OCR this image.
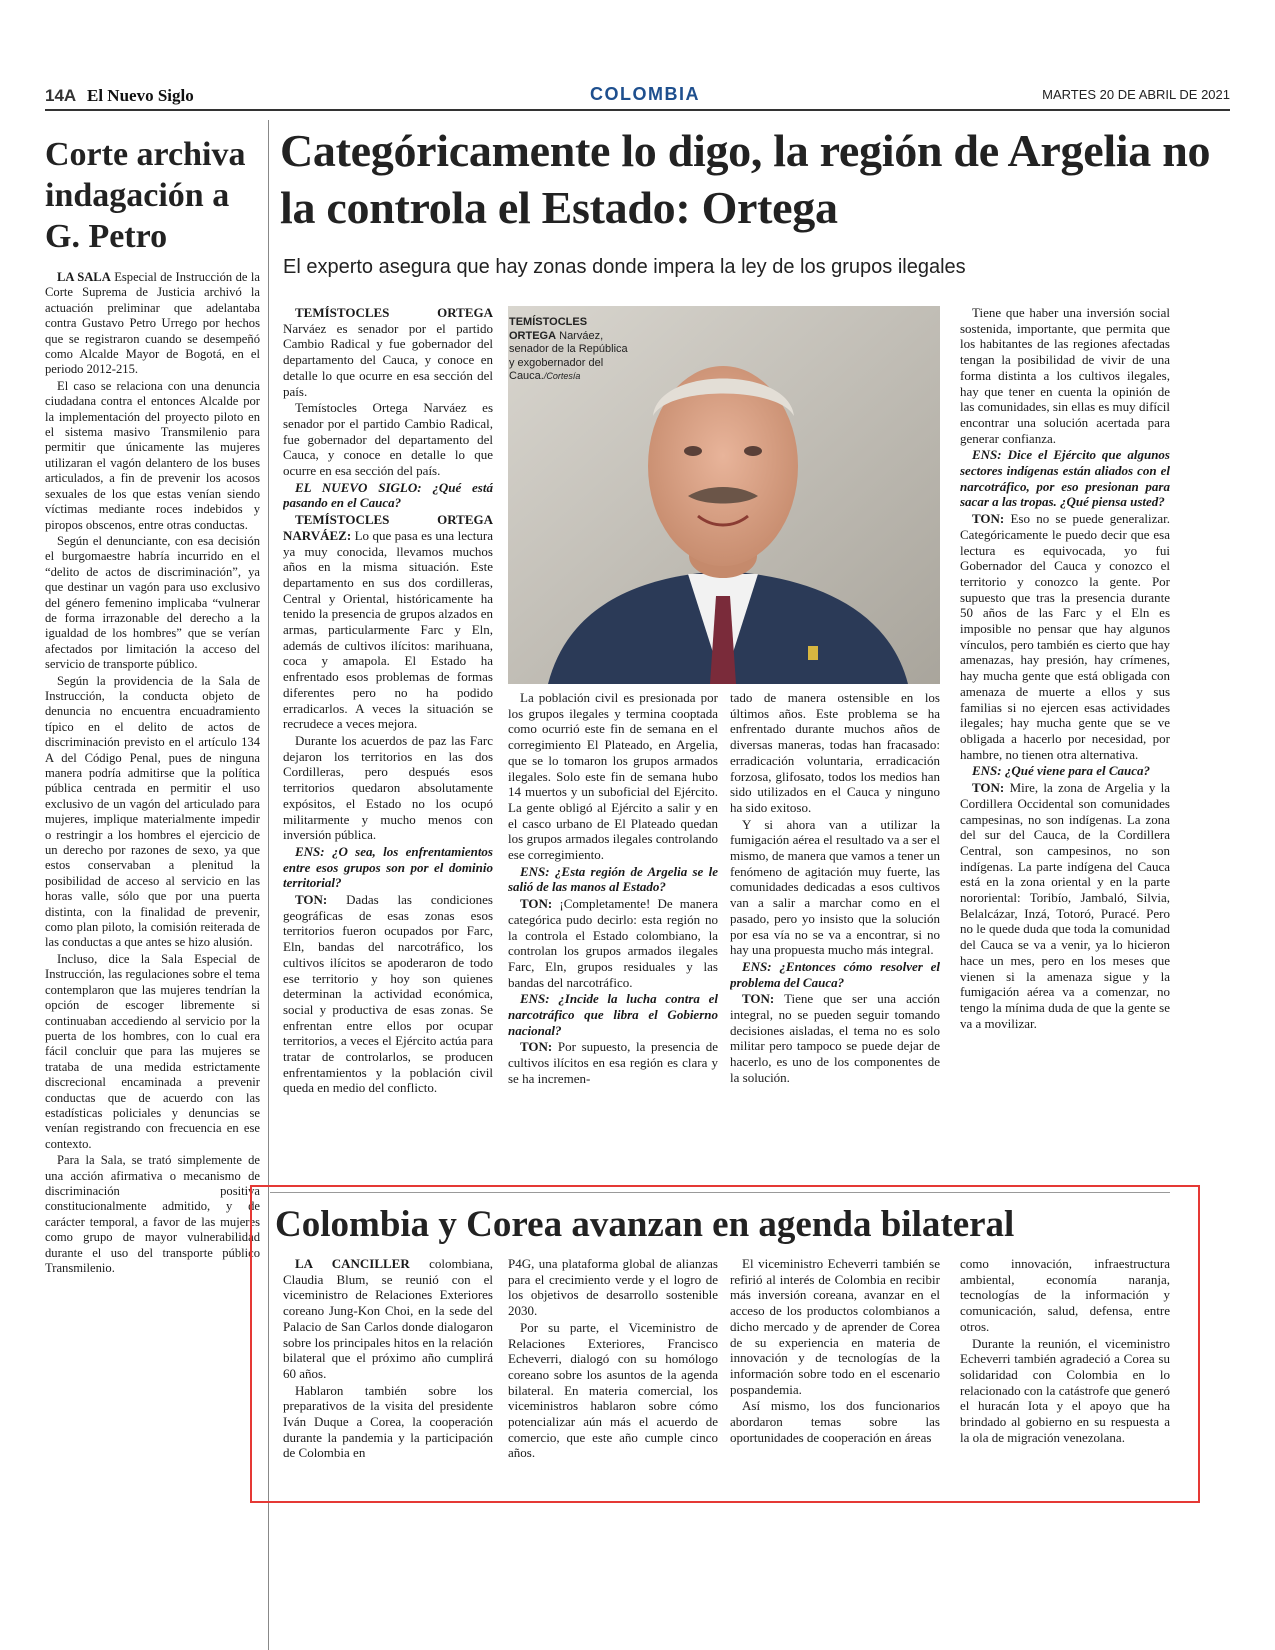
14A El Nuevo Siglo	COLOMBIA	MARTES 20 DE ABRIL DE 2021
Corte archiva indagación a G. Petro

LA SALA Especial de Instrucción de la Corte Suprema de Justicia archivó la actuación preliminar que adelantaba contra Gustavo Petro Urrego por hechos que se registraron cuando se desempeñó como Alcalde Mayor de Bogotá, en el periodo 2012-215.

El caso se relaciona con una denuncia ciudadana contra el entonces Alcalde por la implementación del proyecto piloto en el sistema masivo Transmilenio para permitir que únicamente las mujeres utilizaran el vagón delantero de los buses articulados, a fin de prevenir los acosos sexuales de los que estas venían siendo víctimas mediante roces indebidos y piropos obscenos, entre otras conductas.

Según el denunciante, con esa decisión el burgomaestre habría incurrido en el “delito de actos de discriminación”, ya que destinar un vagón para uso exclusivo del género femenino implicaba “vulnerar de forma irrazonable del derecho a la igualdad de los hombres” que se verían afectados por limitación la acceso del servicio de transporte público.

Según la providencia de la Sala de Instrucción, la conducta objeto de denuncia no encuentra encuadramiento típico en el delito de actos de discriminación previsto en el artículo 134 A del Código Penal, pues de ninguna manera podría admitirse que la política pública centrada en permitir el uso exclusivo de un vagón del articulado para mujeres, implique materialmente impedir o restringir a los hombres el ejercicio de un derecho por razones de sexo, ya que estos conservaban a plenitud la posibilidad de acceso al servicio en las horas valle, sólo que por una puerta distinta, con la finalidad de prevenir, como plan piloto, la comisión reiterada de las conductas a que antes se hizo alusión.

Incluso, dice la Sala Especial de Instrucción, las regulaciones sobre el tema contemplaron que las mujeres tendrían la opción de escoger libremente si continuaban accediendo al servicio por la puerta de los hombres, con lo cual era fácil concluir que para las mujeres se trataba de una medida estrictamente discrecional encaminada a prevenir conductas que de acuerdo con las estadísticas policiales y denuncias se venían registrando con frecuencia en ese contexto.

Para la Sala, se trató simplemente de una acción afirmativa o mecanismo de discriminación positiva constitucionalmente admitido, y de carácter temporal, a favor de las mujeres como grupo de mayor vulnerabilidad durante el uso del transporte público Transmilenio.

Categóricamente lo digo, la región de Argelia no la controla el Estado: Ortega
El experto asegura que hay zonas donde impera la ley de los grupos ilegales
TEMÍSTOCLES ORTEGA Narváez, senador de la República y exgobernador del Cauca./Cortesía

TEMÍSTOCLES ORTEGA Narváez es senador por el partido Cambio Radical y fue gobernador del departamento del Cauca, y conoce en detalle lo que ocurre en esa sección del país.

Temístocles Ortega Narváez es senador por el partido Cambio Radical, fue gobernador del departamento del Cauca, y conoce en detalle lo que ocurre en esa sección del país.

EL NUEVO SIGLO: ¿Qué está pasando en el Cauca?

TEMÍSTOCLES ORTEGA NARVÁEZ: Lo que pasa es una lectura ya muy conocida, llevamos muchos años en la misma situación. Este departamento en sus dos cordilleras, Central y Oriental, históricamente ha tenido la presencia de grupos alzados en armas, particularmente Farc y Eln, además de cultivos ilícitos: marihuana, coca y amapola. El Estado ha enfrentado esos problemas de formas diferentes pero no ha podido erradicarlos. A veces la situación se recrudece a veces mejora.

Durante los acuerdos de paz las Farc dejaron los territorios en las dos Cordilleras, pero después esos territorios quedaron absolutamente expósitos, el Estado no los ocupó militarmente y mucho menos con inversión pública.

ENS: ¿O sea, los enfrentamientos entre esos grupos son por el dominio territorial?

TON: Dadas las condiciones geográficas de esas zonas esos territorios fueron ocupados por Farc, Eln, bandas del narcotráfico, los cultivos ilícitos se apoderaron de todo ese territorio y hoy son quienes determinan la actividad económica, social y productiva de esas zonas. Se enfrentan entre ellos por ocupar territorios, a veces el Ejército actúa para tratar de controlarlos, se producen enfrentamientos y la población civil queda en medio del conflicto.

La población civil es presionada por los grupos ilegales y termina cooptada como ocurrió este fin de semana en el corregimiento El Plateado, en Argelia, que se lo tomaron los grupos armados ilegales. Solo este fin de semana hubo 14 muertos y un suboficial del Ejército. La gente obligó al Ejército a salir y en el casco urbano de El Plateado quedan los grupos armados ilegales controlando ese corregimiento.

ENS: ¿Esta región de Argelia se le salió de las manos al Estado?

TON: ¡Completamente! De manera categórica pudo decirlo: esta región no la controla el Estado colombiano, la controlan los grupos armados ilegales Farc, Eln, grupos residuales y las bandas del narcotráfico.

ENS: ¿Incide la lucha contra el narcotráfico que libra el Gobierno nacional?

TON: Por supuesto, la presencia de cultivos ilícitos en esa región es clara y se ha incremen-

tado de manera ostensible en los últimos años. Este problema se ha enfrentado durante muchos años de diversas maneras, todas han fracasado: erradicación voluntaria, erradicación forzosa, glifosato, todos los medios han sido utilizados en el Cauca y ninguno ha sido exitoso.

Y si ahora van a utilizar la fumigación aérea el resultado va a ser el mismo, de manera que vamos a tener un fenómeno de agitación muy fuerte, las comunidades dedicadas a esos cultivos van a salir a marchar como en el pasado, pero yo insisto que la solución por esa vía no se va a encontrar, si no hay una propuesta mucho más integral.

ENS: ¿Entonces cómo resolver el problema del Cauca?

TON: Tiene que ser una acción integral, no se pueden seguir tomando decisiones aisladas, el tema no es solo militar pero tampoco se puede dejar de hacerlo, es uno de los componentes de la solución.

Tiene que haber una inversión social sostenida, importante, que permita que los habitantes de las regiones afectadas tengan la posibilidad de vivir de una forma distinta a los cultivos ilegales, hay que tener en cuenta la opinión de las comunidades, sin ellas es muy difícil encontrar una solución acertada para generar confianza.

ENS: Dice el Ejército que algunos sectores indígenas están aliados con el narcotráfico, por eso presionan para sacar a las tropas. ¿Qué piensa usted?

TON: Eso no se puede generalizar. Categóricamente le puedo decir que esa lectura es equivocada, yo fui Gobernador del Cauca y conozco el territorio y conozco la gente. Por supuesto que tras la presencia durante 50 años de las Farc y el Eln es imposible no pensar que hay algunos vínculos, pero también es cierto que hay amenazas, hay presión, hay crímenes, hay mucha gente que está obligada con amenaza de muerte a ellos y sus familias si no ejercen esas actividades ilegales; hay mucha gente que se ve obligada a hacerlo por necesidad, por hambre, no tienen otra alternativa.

ENS: ¿Qué viene para el Cauca?

TON: Mire, la zona de Argelia y la Cordillera Occidental son comunidades campesinas, no son indígenas. La zona del sur del Cauca, de la Cordillera Central, son campesinos, no son indígenas. La parte indígena del Cauca está en la zona oriental y en la parte nororiental: Toribío, Jambaló, Silvia, Belalcázar, Inzá, Totoró, Puracé. Pero no le quede duda que toda la comunidad del Cauca se va a venir, ya lo hicieron hace un mes, pero en los meses que vienen si la amenaza sigue y la fumigación aérea va a comenzar, no tengo la mínima duda de que la gente se va a movilizar.

Colombia y Corea avanzan en agenda bilateral

LA CANCILLER colombiana, Claudia Blum, se reunió con el viceministro de Relaciones Exteriores coreano Jung-Kon Choi, en la sede del Palacio de San Carlos donde dialogaron sobre los principales hitos en la relación bilateral que el próximo año cumplirá 60 años.

Hablaron también sobre los preparativos de la visita del presidente Iván Duque a Corea, la cooperación durante la pandemia y la participación de Colombia en

P4G, una plataforma global de alianzas para el crecimiento verde y el logro de los objetivos de desarrollo sostenible 2030.

Por su parte, el Viceministro de Relaciones Exteriores, Francisco Echeverri, dialogó con su homólogo coreano sobre los asuntos de la agenda bilateral. En materia comercial, los viceministros hablaron sobre cómo potencializar aún más el acuerdo de comercio, que este año cumple cinco años.

El viceministro Echeverri también se refirió al interés de Colombia en recibir más inversión coreana, avanzar en el acceso de los productos colombianos a dicho mercado y de aprender de Corea de su experiencia en materia de innovación y de tecnologías de la información sobre todo en el escenario pospandemia.

Así mismo, los dos funcionarios abordaron temas sobre las oportunidades de cooperación en áreas

como innovación, infraestructura ambiental, economía naranja, tecnologías de la información y comunicación, salud, defensa, entre otros.

Durante la reunión, el viceministro Echeverri también agradeció a Corea su solidaridad con Colombia en lo relacionado con la catástrofe que generó el huracán Iota y el apoyo que ha brindado al gobierno en su respuesta a la ola de migración venezolana.
